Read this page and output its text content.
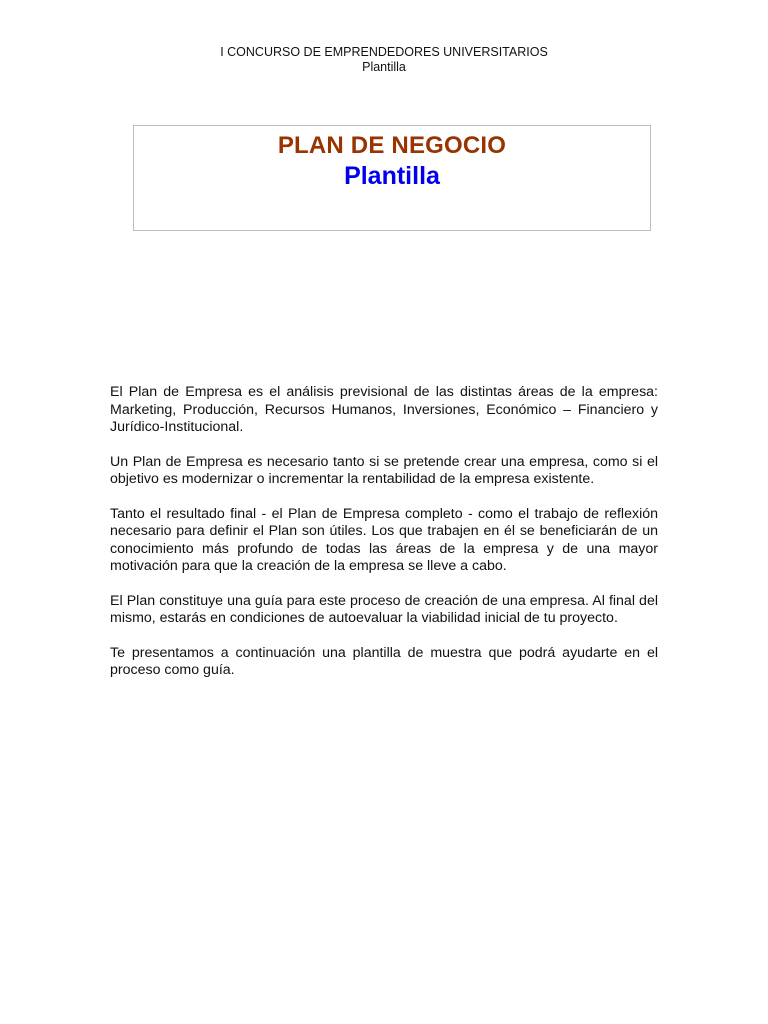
I CONCURSO DE EMPRENDEDORES UNIVERSITARIOS
Plantilla
PLAN DE NEGOCIO
Plantilla

El Plan de Empresa es el análisis previsional de las distintas áreas de la empresa: Marketing, Producción, Recursos Humanos, Inversiones, Económico – Financiero y Jurídico-Institucional.

Un Plan de Empresa es necesario tanto si se pretende crear una empresa, como si el objetivo es modernizar o incrementar la rentabilidad de la empresa existente.

Tanto el resultado final - el Plan de Empresa completo - como el trabajo de reflexión necesario para definir el Plan son útiles. Los que trabajen en él se beneficiarán de un conocimiento más profundo de todas las áreas de la empresa y de una mayor motivación para que la creación de la empresa se lleve a cabo.

El Plan constituye una guía para este proceso de creación de una empresa. Al final del mismo, estarás en condiciones de autoevaluar la viabilidad inicial de tu proyecto.

Te presentamos a continuación una plantilla de muestra que podrá ayudarte en el proceso como guía.
